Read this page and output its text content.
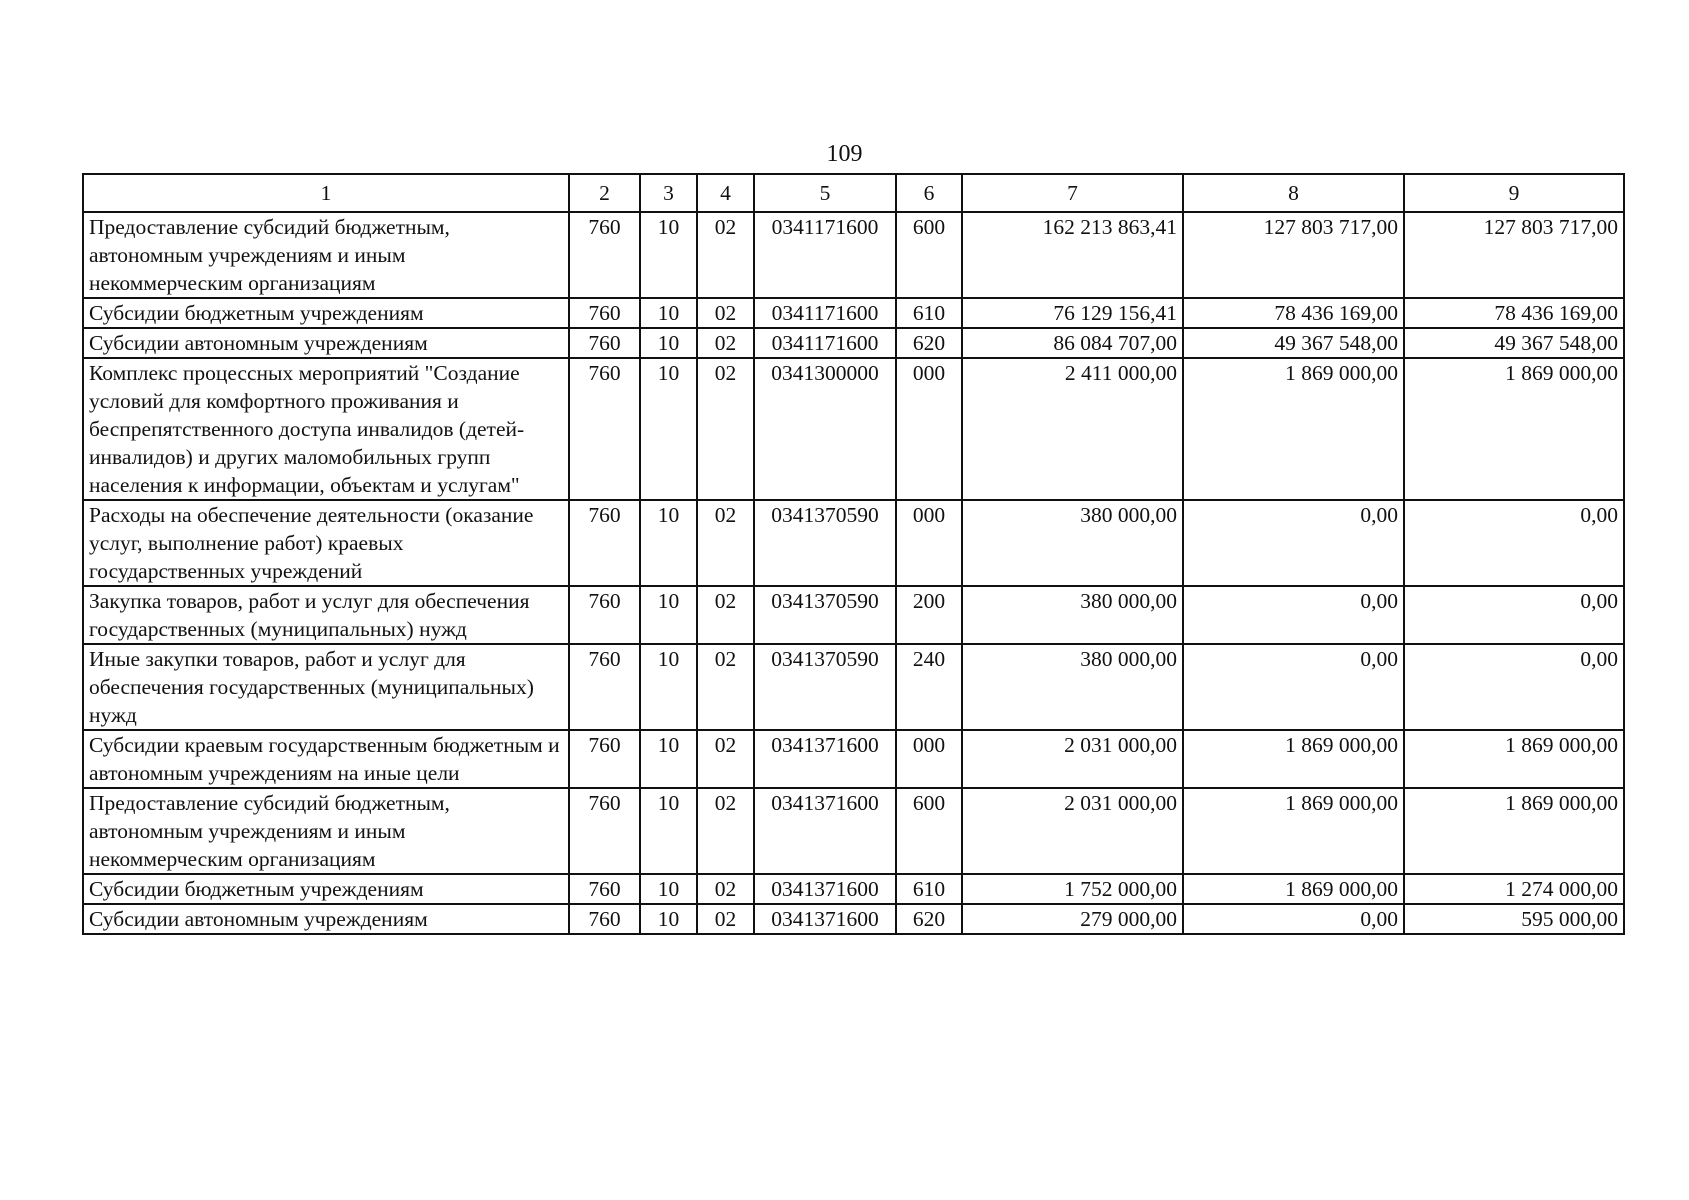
109
1	2	3	4	5	6	7	8	9
Предоставление субсидий бюджетным, автономным учреждениям и иным некоммерческим организациям	760	10	02	0341171600	600	162 213 863,41	127 803 717,00	127 803 717,00
Субсидии бюджетным учреждениям	760	10	02	0341171600	610	76 129 156,41	78 436 169,00	78 436 169,00
Субсидии автономным учреждениям	760	10	02	0341171600	620	86 084 707,00	49 367 548,00	49 367 548,00
Комплекс процессных мероприятий "Создание условий для комфортного проживания и беспрепятственного доступа инвалидов (детей-инвалидов) и других маломобильных групп населения к информации, объектам и услугам"	760	10	02	0341300000	000	2 411 000,00	1 869 000,00	1 869 000,00
Расходы на обеспечение деятельности (оказание услуг, выполнение работ) краевых государственных учреждений	760	10	02	0341370590	000	380 000,00	0,00	0,00
Закупка товаров, работ и услуг для обеспечения государственных (муниципальных) нужд	760	10	02	0341370590	200	380 000,00	0,00	0,00
Иные закупки товаров, работ и услуг для обеспечения государственных (муниципальных) нужд	760	10	02	0341370590	240	380 000,00	0,00	0,00
Субсидии краевым государственным бюджетным и автономным учреждениям на иные цели	760	10	02	0341371600	000	2 031 000,00	1 869 000,00	1 869 000,00
Предоставление субсидий бюджетным, автономным учреждениям и иным некоммерческим организациям	760	10	02	0341371600	600	2 031 000,00	1 869 000,00	1 869 000,00
Субсидии бюджетным учреждениям	760	10	02	0341371600	610	1 752 000,00	1 869 000,00	1 274 000,00
Субсидии автономным учреждениям	760	10	02	0341371600	620	279 000,00	0,00	595 000,00
